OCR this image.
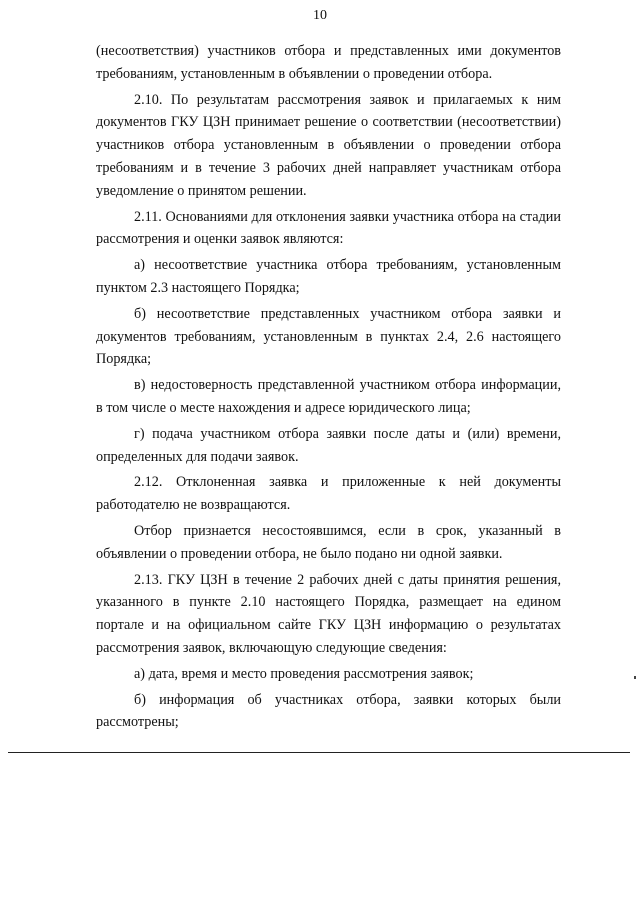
10

(несоответствия) участников отбора и представленных ими документов требованиям, установленным в объявлении о проведении отбора.

2.10. По результатам рассмотрения заявок и прилагаемых к ним документов ГКУ ЦЗН принимает решение о соответствии (несоответствии) участников отбора установленным в объявлении о проведении отбора требованиям и в течение 3 рабочих дней направляет участникам отбора уведомление о принятом решении.

2.11. Основаниями для отклонения заявки участника отбора на стадии рассмотрения и оценки заявок являются:

а) несоответствие участника отбора требованиям, установленным пунктом 2.3 настоящего Порядка;

б) несоответствие представленных участником отбора заявки и документов требованиям, установленным в пунктах 2.4, 2.6 настоящего Порядка;

в) недостоверность представленной участником отбора информации, в том числе о месте нахождения и адресе юридического лица;

г) подача участником отбора заявки после даты и (или) времени, определенных для подачи заявок.

2.12. Отклоненная заявка и приложенные к ней документы работодателю не возвращаются.

Отбор признается несостоявшимся, если в срок, указанный в объявлении о проведении отбора, не было подано ни одной заявки.

2.13. ГКУ ЦЗН в течение 2 рабочих дней с даты принятия решения, указанного в пункте 2.10 настоящего Порядка, размещает на едином портале и на официальном сайте ГКУ ЦЗН информацию о результатах рассмотрения заявок, включающую следующие сведения:

а) дата, время и место проведения рассмотрения заявок;

б) информация об участниках отбора, заявки которых были рассмотрены;
